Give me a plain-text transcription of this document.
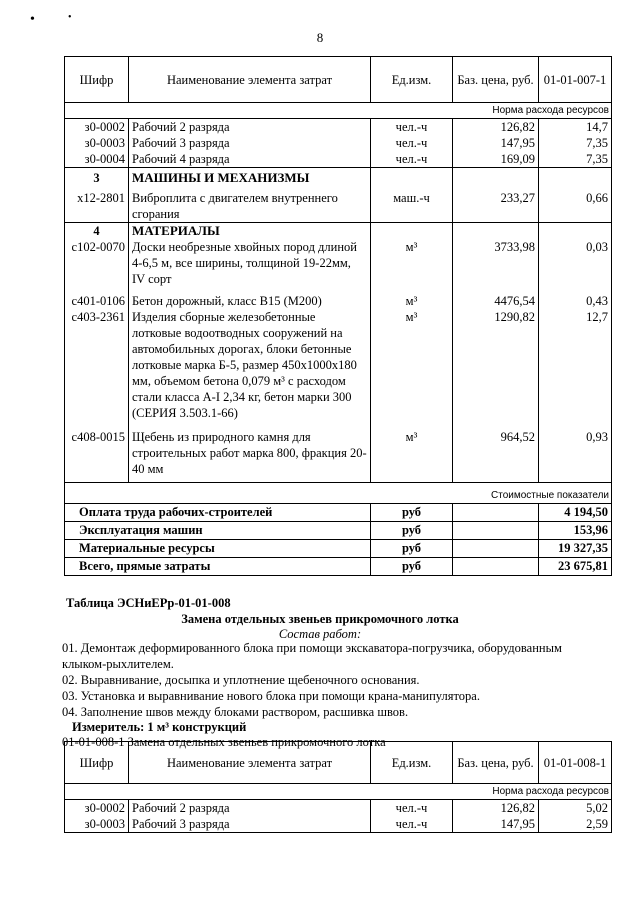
•	•
8
Шифр	Наименование элемента затрат	Ед.изм.	Баз. цена, руб.	01-01-007-1
Норма расхода ресурсов				
з0-0002	Рабочий 2 разряда	чел.-ч	126,82	14,7
з0-0003	Рабочий 3 разряда	чел.-ч	147,95	7,35
з0-0004	Рабочий 4 разряда	чел.-ч	169,09	7,35
3	МАШИНЫ И МЕХАНИЗМЫ			
х12-2801	Виброплита с двигателем внутреннего сгорания	маш.-ч	233,27	0,66
4	МАТЕРИАЛЫ			
с102-0070	Доски необрезные хвойных пород длиной 4-6,5 м, все ширины, толщиной 19-22мм, IV сорт	м³	3733,98	0,03
с401-0106	Бетон дорожный, класс В15 (М200)	м³	4476,54	0,43
с403-2361	Изделия сборные железобетонные лотковые водоотводных сооружений на автомобильных дорогах, блоки бетонные лотковые марка Б-5, размер 450х1000х180 мм, объемом бетона 0,079 м³ с расходом стали класса А-I 2,34 кг, бетон марки 300 (СЕРИЯ 3.503.1-66)	м³	1290,82	12,7
с408-0015	Щебень из природного камня для строительных работ марка 800, фракция 20-40 мм	м³	964,52	0,93
Стоимостные показатели				
Оплата труда рабочих-строителей		руб		4 194,50
Эксплуатация машин		руб		153,96
Материальные ресурсы		руб		19 327,35
Всего, прямые затраты		руб		23 675,81
Таблица ЭСНиЕРр-01-01-008
Замена отдельных звеньев прикромочного лотка
Состав работ:
01. Демонтаж деформированного блока при помощи экскаватора-погрузчика, оборудованным клыком-рыхлителем.
02. Выравнивание, досыпка и уплотнение щебеночного основания.
03. Установка и выравнивание нового блока при помощи крана-манипулятора.
04. Заполнение швов между блоками раствором, расшивка швов.
Измеритель: 1 м³ конструкций
01-01-008-1 Замена отдельных звеньев прикромочного лотка
Шифр	Наименование элемента затрат	Ед.изм.	Баз. цена, руб.	01-01-008-1
Норма расхода ресурсов				
з0-0002	Рабочий 2 разряда	чел.-ч	126,82	5,02
з0-0003	Рабочий 3 разряда	чел.-ч	147,95	2,59
